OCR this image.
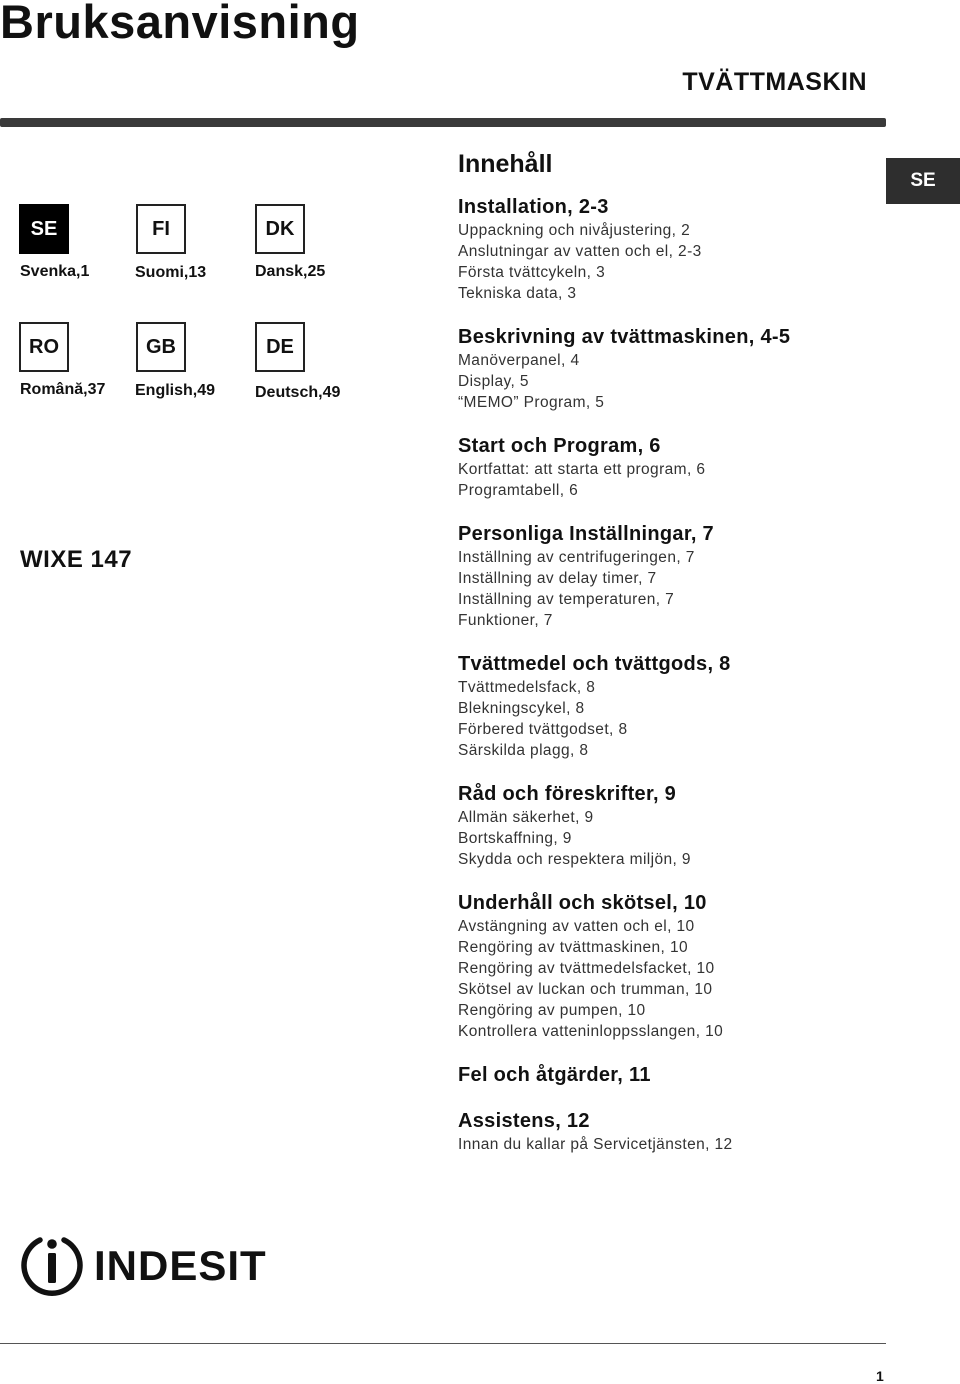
Bruksanvisning
TVÄTTMASKIN
SE
SE
Svenka,1
FI
Suomi,13
DK
Dansk,25
RO
Română,37
GB
English,49
DE
Deutsch,49
WIXE 147
Innehåll
Installation, 2-3
Uppackning och nivåjustering, 2
Anslutningar av vatten och el, 2-3
Första tvättcykeln, 3
Tekniska data, 3
Beskrivning av tvättmaskinen, 4-5
Manöverpanel, 4
Display, 5
“MEMO” Program, 5
Start och Program, 6
Kortfattat: att starta ett program, 6
Programtabell, 6
Personliga Inställningar, 7
Inställning av centrifugeringen, 7
Inställning av delay timer, 7
Inställning av temperaturen, 7
Funktioner, 7
Tvättmedel och tvättgods, 8
Tvättmedelsfack, 8
Blekningscykel, 8
Förbered tvättgodset, 8
Särskilda plagg, 8
Råd och föreskrifter, 9
Allmän säkerhet, 9
Bortskaffning, 9
Skydda och respektera miljön, 9
Underhåll och skötsel, 10
Avstängning av vatten och el, 10
Rengöring av tvättmaskinen, 10
Rengöring av tvättmedelsfacket, 10
Skötsel av luckan och trumman, 10
Rengöring av pumpen, 10
Kontrollera vatteninloppsslangen, 10
Fel och åtgärder, 11
Assistens, 12
Innan du kallar på Servicetjänsten, 12
INDESIT
1
